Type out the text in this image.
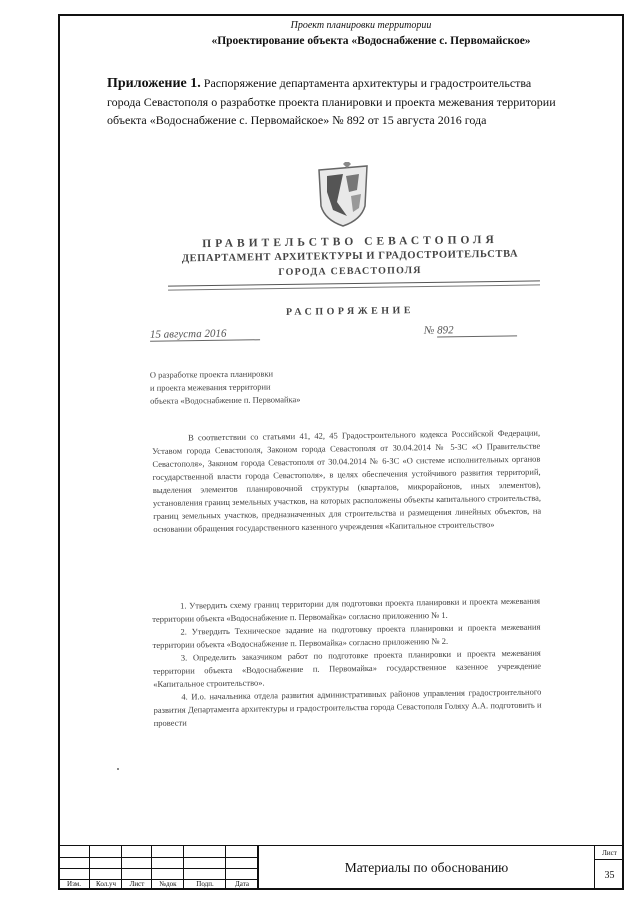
Проект планировки территории
«Проектирование объекта «Водоснабжение с. Первомайское»
Приложение 1. Распоряжение департамента архитектуры и градостроительства
города Севастополя о разработке проекта планировки и проекта межевания территории
объекта «Водоснабжение с. Первомайское» № 892 от 15 августа 2016 года
ПРАВИТЕЛЬСТВО СЕВАСТОПОЛЯ
ДЕПАРТАМЕНТ АРХИТЕКТУРЫ И ГРАДОСТРОИТЕЛЬСТВА
ГОРОДА СЕВАСТОПОЛЯ
РАСПОРЯЖЕНИЕ
15 августа 2016	№ 892
О разработке проекта планировки
и проекта межевания территории
объекта «Водоснабжение п. Первомайка»
В соответствии со статьями 41, 42, 45 Градостроительного кодекса Российской Федерации, Уставом города Севастополя, Законом города Севастополя от 30.04.2014 № 5-ЗС «О Правительстве Севастополя», Законом города Севастополя от 30.04.2014 № 6-ЗС «О системе исполнительных органов государственной власти города Севастополя», в целях обеспечения устойчивого развития территорий, выделения элементов планировочной структуры (кварталов, микрорайонов, иных элементов), установления границ земельных участков, на которых расположены объекты капитального строительства, границ земельных участков, предназначенных для строительства и размещения линейных объектов, на основании обращения государственного казенного учреждения «Капитальное строительство»
1. Утвердить схему границ территории для подготовки проекта планировки и проекта межевания территории объекта «Водоснабжение п. Первомайка» согласно приложению № 1.
2. Утвердить Техническое задание на подготовку проекта планировки и проекта межевания территории объекта «Водоснабжение п. Первомайка» согласно приложению № 2.
3. Определить заказчиком работ по подготовке проекта планировки и проекта межевания территории объекта «Водоснабжение п. Первомайка» государственное казенное учреждение «Капитальное строительство».
4. И.о. начальника отдела развития административных районов управления градостроительного развития Департамента архитектуры и градостроительства города Севастополя Голяху А.А. подготовить и провести
Изм.	Кол.уч	Лист	№док	Подп.	Дата
Материалы по обоснованию
Лист
35
